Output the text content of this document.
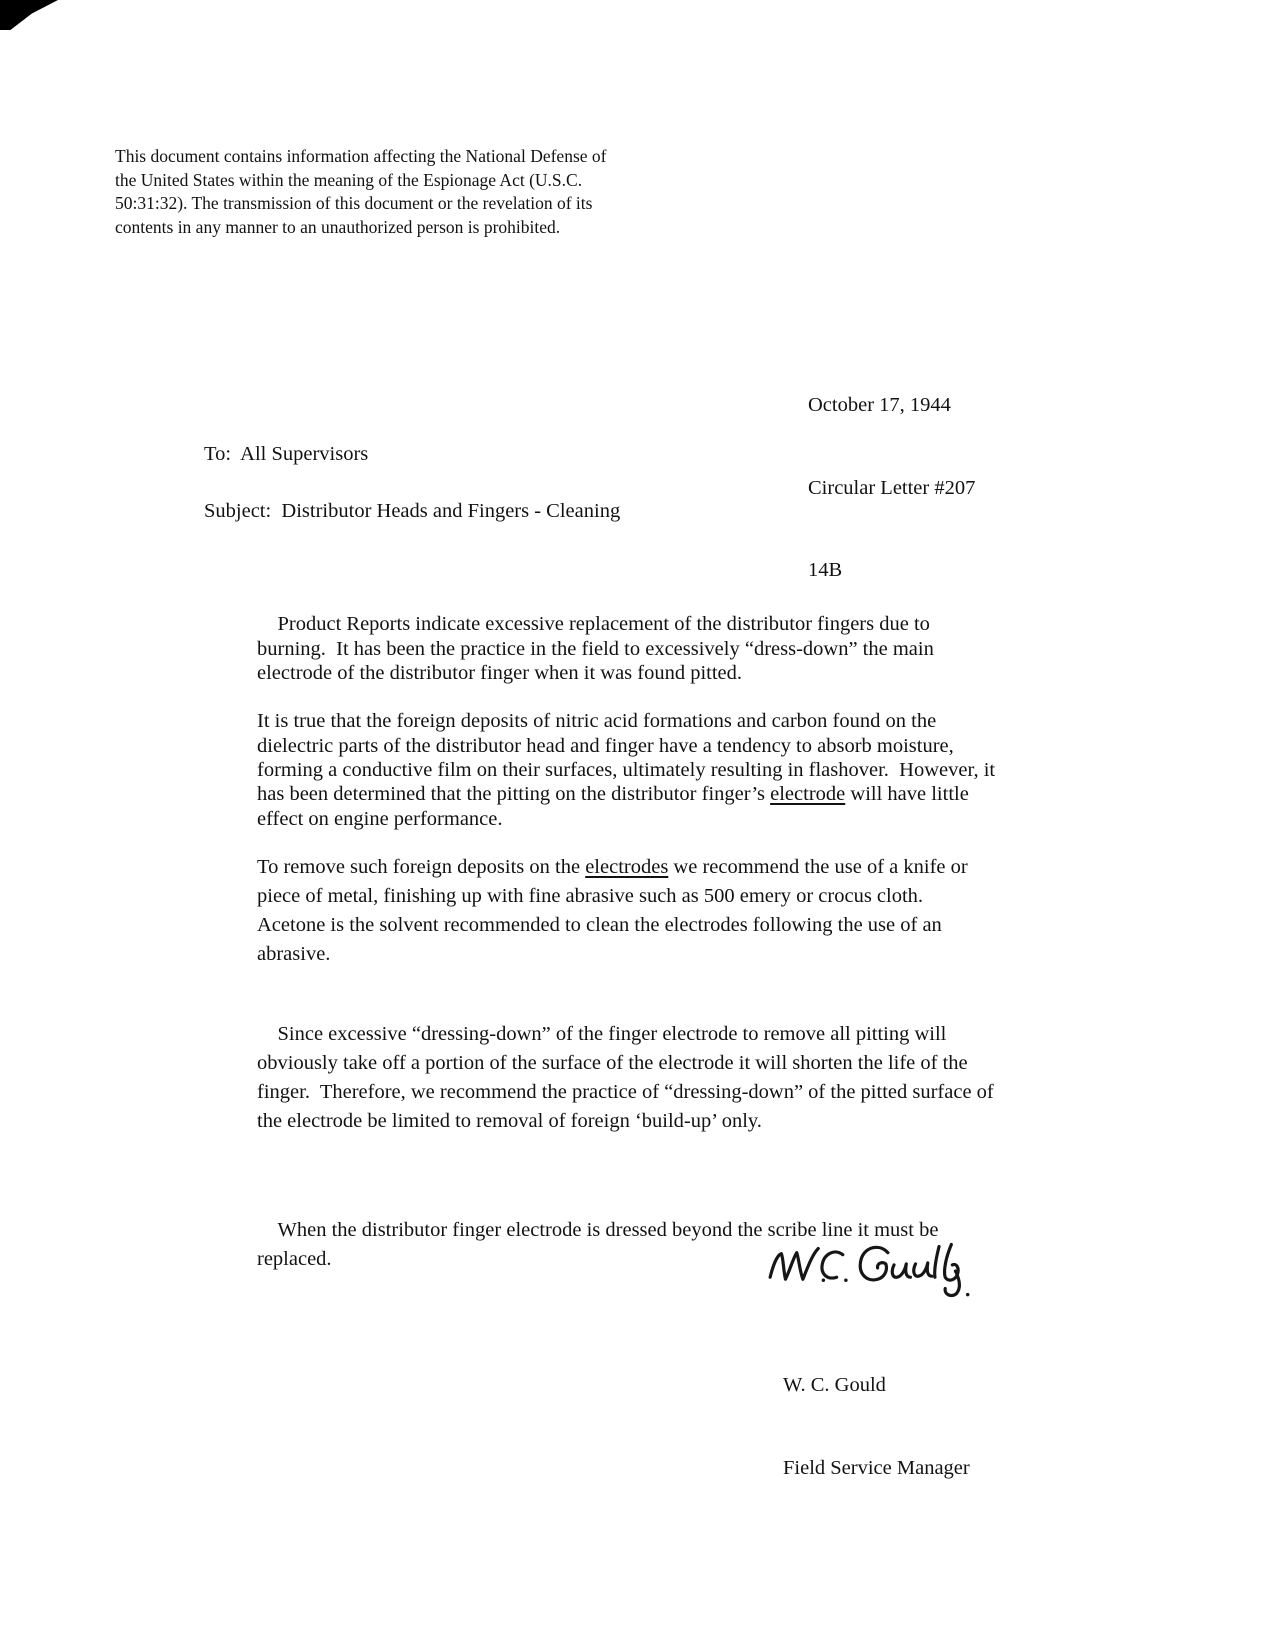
This document contains information affecting the National Defense of the United States within the meaning of the Espionage Act (U.S.C. 50:31:32). The transmission of this document or the revelation of its contents in any manner to an unauthorized person is prohibited.

October 17, 1944

Circular Letter #207

14B

To:  All Supervisors

Subject:  Distributor Heads and Fingers - Cleaning

Product Reports indicate excessive replacement of the distributor fingers due to burning.  It has been the practice in the field to excessively “dress-down” the main electrode of the distributor finger when it was found pitted.

It is true that the foreign deposits of nitric acid formations and carbon found on the dielectric parts of the distributor head and finger have a tendency to absorb moisture, forming a conductive film on their surfaces, ultimately resulting in flashover.  However, it has been determined that the pitting on the distributor finger’s electrode will have little effect on engine performance.

To remove such foreign deposits on the electrodes we recommend the use of a knife or piece of metal, finishing up with fine abrasive such as 500 emery or crocus cloth.  Acetone is the solvent recommended to clean the electrodes following the use of an abrasive.

Since excessive “dressing-down” of the finger electrode to remove all pitting will obviously take off a portion of the surface of the electrode it will shorten the life of the finger.  Therefore, we recommend the practice of “dressing-down” of the pitted surface of the electrode be limited to removal of foreign ‘build-up’ only.

When the distributor finger electrode is dressed beyond the scribe line it must be replaced.

W. C. Gould

Field Service Manager
